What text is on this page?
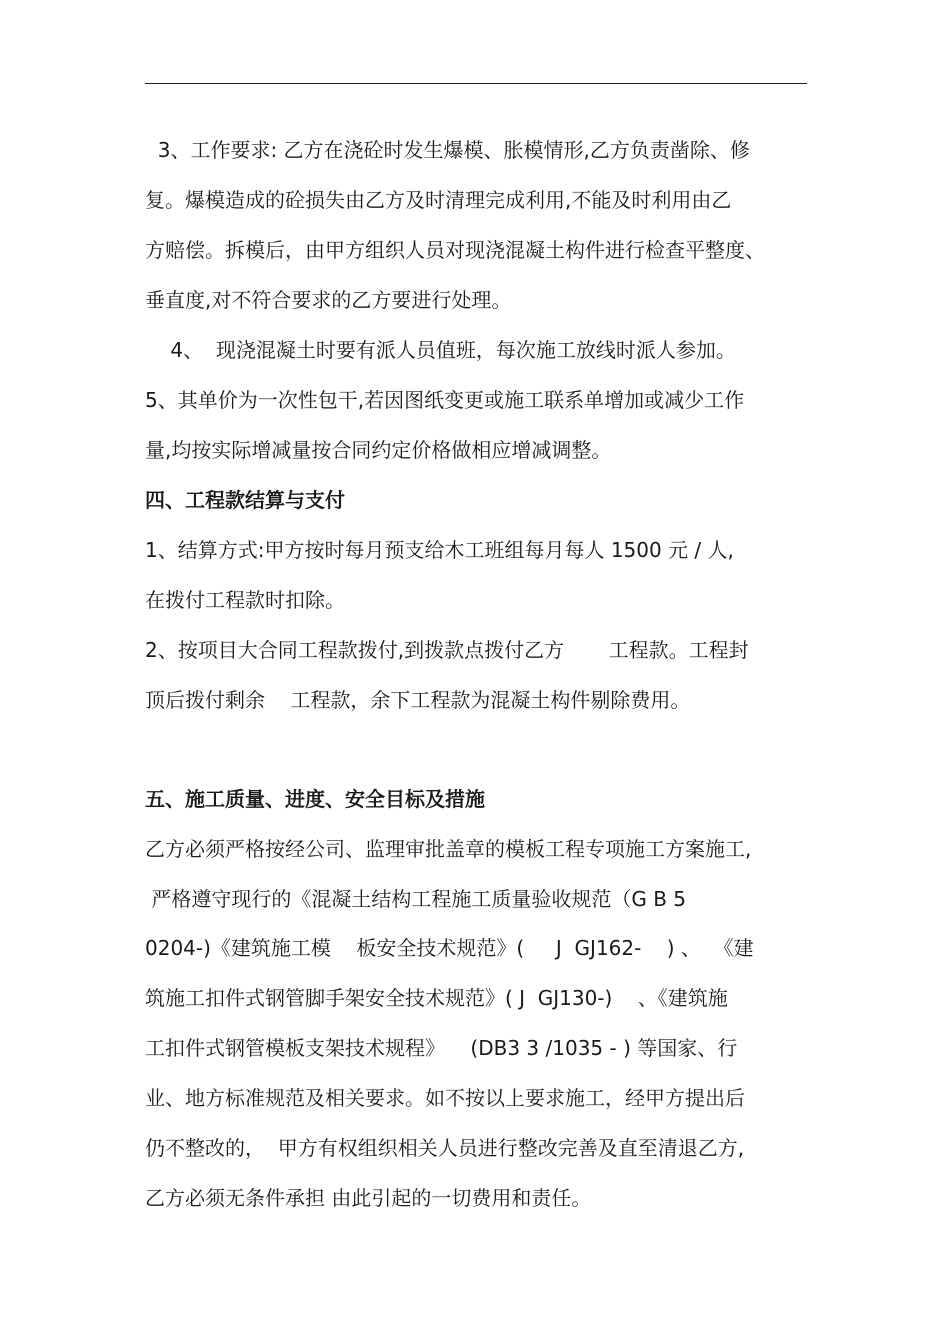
3、工作要求: 乙方在浇砼时发生爆模、胀模情形,乙方负责凿除、修
复。爆模造成的砼损失由乙方及时清理完成利用,不能及时利用由乙
方赔偿。拆模后，由甲方组织人员对现浇混凝土构件进行检查平整度、
垂直度,对不符合要求的乙方要进行处理。
4、  现浇混凝土时要有派人员值班，每次施工放线时派人参加。
5、其单价为一次性包干,若因图纸变更或施工联系单增加或减少工作
量,均按实际增减量按合同约定价格做相应增减调整。
四、工程款结算与支付
1、结算方式:甲方按时每月预支给木工班组每月每人 1500 元 / 人,
在拨付工程款时扣除。
2、按项目大合同工程款拨付,到拨款点拨付乙方       工程款。工程封
顶后拨付剩余    工程款，余下工程款为混凝土构件剔除费用。
五、施工质量、进度、安全目标及措施
乙方必须严格按经公司、监理审批盖章的模板工程专项施工方案施工,
严格遵守现行的《混凝土结构工程施工质量验收规范（G B 5
0204-)《建筑施工模    板安全技术规范》(     J  GJ162-    ) 、  《建
筑施工扣件式钢管脚手架安全技术规范》( J  GJ130-)    、《建筑施
工扣件式钢管模板支架技术规程》    (DB3 3 /1035 - ) 等国家、行
业、地方标准规范及相关要求。如不按以上要求施工，经甲方提出后
仍不整改的，  甲方有权组织相关人员进行整改完善及直至清退乙方,
乙方必须无条件承担 由此引起的一切费用和责任。
